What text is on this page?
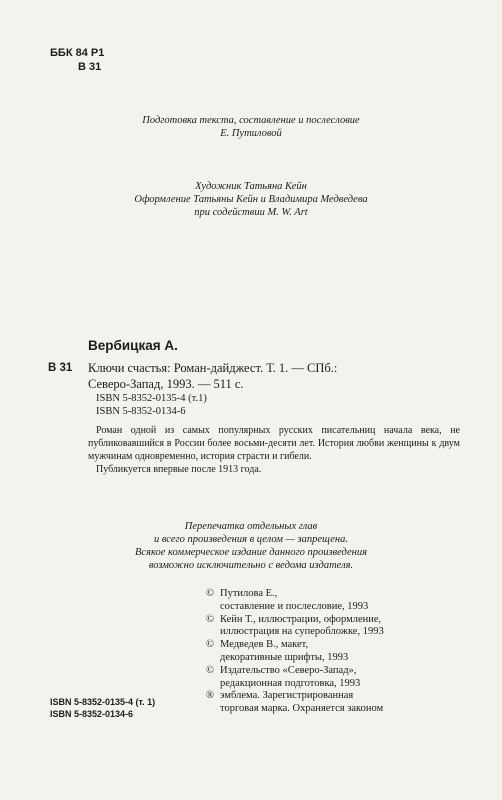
ББК 84 Р1
В 31
Подготовка текста, составление и послесловие
Е. Путиловой
Художник Татьяна Кейн
Оформление Татьяны Кейн и Владимира Медведева
при содействии M. W. Art
Вербицкая А.
В 31 Ключи счастья: Роман-дайджест. Т. 1. — СПб.:
Северо-Запад, 1993. — 511 с.
ISBN 5-8352-0135-4 (т.1)
ISBN 5-8352-0134-6

Роман одной из самых популярных русских писательниц начала века, не публиковавшийся в России более восьми-десяти лет. История любви женщины к двум мужчинам одновременно, история страсти и гибели.

Публикуется впервые после 1913 года.

Перепечатка отдельных глав
и всего произведения в целом — запрещена.
Всякое коммерческое издание данного произведения
возможно исключительно с ведома издателя.
© Путилова Е.,
составление и послесловие, 1993
© Кейн Т., иллюстрации, оформление,
иллюстрация на суперобложке, 1993
© Медведев В., макет,
декоративные шрифты, 1993
© Издательство «Северо-Запад»,
редакционная подготовка, 1993
® эмблема. Зарегистрированная
торговая марка. Охраняется законом
ISBN 5-8352-0135-4 (т. 1)
ISBN 5-8352-0134-6
